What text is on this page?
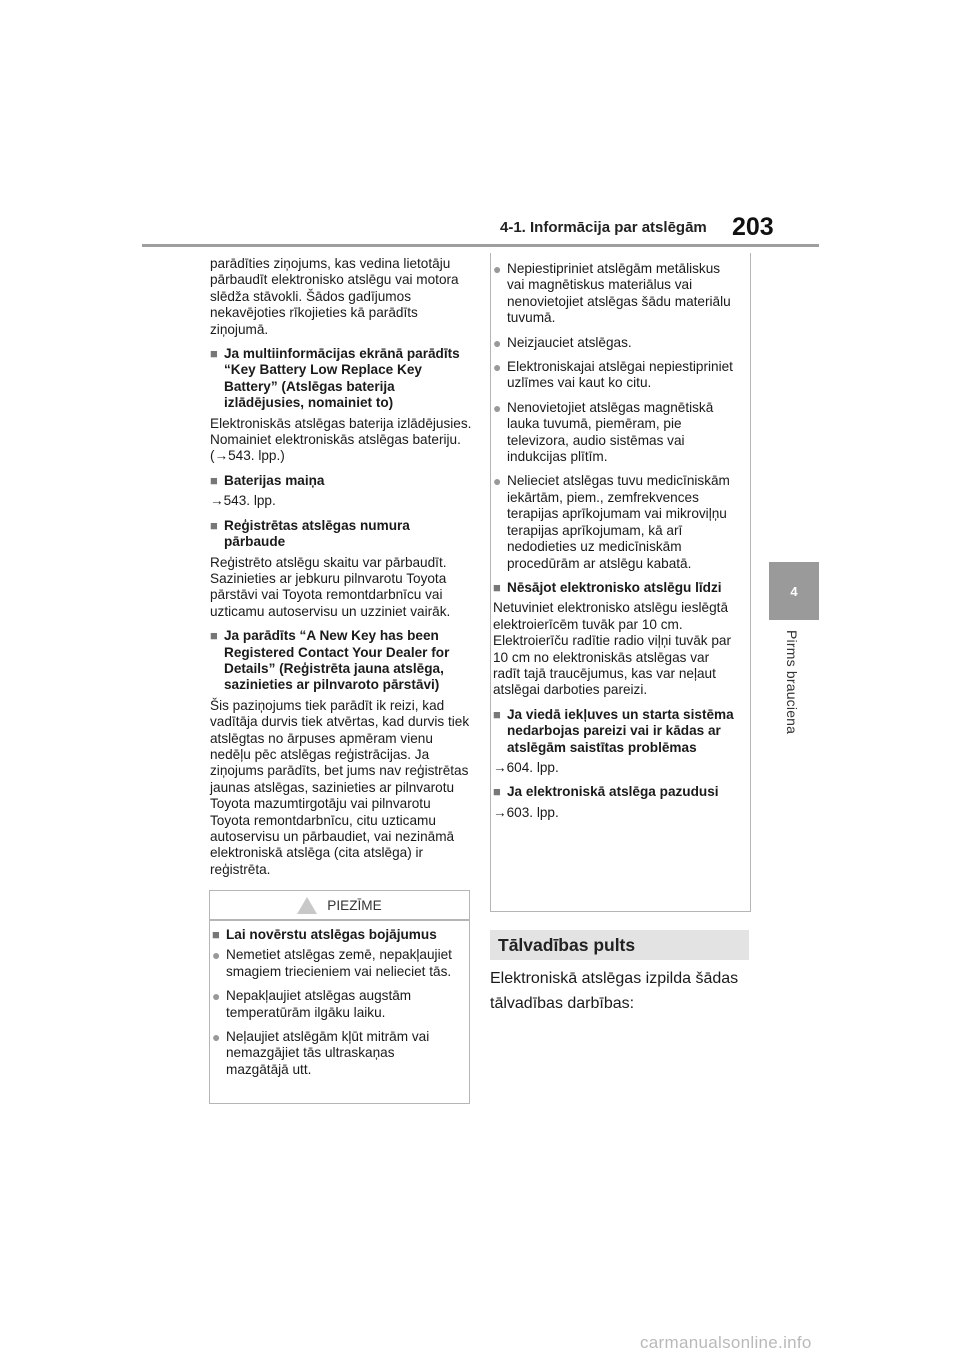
4-1. Informācija par atslēgām 203
4
Pirms brauciena

parādīties ziņojums, kas vedina lietotāju pārbaudīt elektronisko atslēgu vai motora slēdža stāvokli. Šādos gadījumos nekavējoties rīkojieties kā parādīts ziņojumā.

■ Ja multiinformācijas ekrānā parādīts “Key Battery Low Replace Key Battery” (Atslēgas baterija izlādējusies, nomainiet to)

Elektroniskās atslēgas baterija izlādējusies. Nomainiet elektroniskās atslēgas bateriju. (→543. lpp.)

■ Baterijas maiņa

→543. lpp.

■ Reģistrētas atslēgas numura pārbaude

Reģistrēto atslēgu skaitu var pārbaudīt. Sazinieties ar jebkuru pilnvarotu Toyota pārstāvi vai Toyota remontdarbnīcu vai uzticamu autoservisu un uzziniet vairāk.

■ Ja parādīts “A New Key has been Registered Contact Your Dealer for Details” (Reģistrēta jauna atslēga, sazinieties ar pilnvaroto pārstāvi)

Šis paziņojums tiek parādīt ik reizi, kad vadītāja durvis tiek atvērtas, kad durvis tiek atslēgtas no ārpuses apmēram vienu nedēļu pēc atslēgas reģistrācijas. Ja ziņojums parādīts, bet jums nav reģistrētas jaunas atslēgas, sazinieties ar pilnvarotu Toyota mazumtirgotāju vai pilnvarotu Toyota remontdarbnīcu, citu uzticamu autoservisu un pārbaudiet, vai nezināmā elektroniskā atslēga (cita atslēga) ir reģistrēta.

PIEZĪME
■ Lai novērstu atslēgas bojājumus
● Nemetiet atslēgas zemē, nepakļaujiet smagiem triecieniem vai nelieciet tās.
● Nepakļaujiet atslēgas augstām temperatūrām ilgāku laiku.
● Neļaujiet atslēgām kļūt mitrām vai nemazgājiet tās ultraskaņas mazgātājā utt.
● Nepiestipriniet atslēgām metāliskus vai magnētiskus materiālus vai nenovietojiet atslēgas šādu materiālu tuvumā.
● Neizjauciet atslēgas.
● Elektroniskajai atslēgai nepiestipriniet uzlīmes vai kaut ko citu.
● Nenovietojiet atslēgas magnētiskā lauka tuvumā, piemēram, pie televizora, audio sistēmas vai indukcijas plītīm.
● Nelieciet atslēgas tuvu medicīniskām iekārtām, piem., zemfrekvences terapijas aprīkojumam vai mikroviļņu terapijas aprīkojumam, kā arī nedodieties uz medicīniskām procedūrām ar atslēgu kabatā.
■ Nēsājot elektronisko atslēgu līdzi

Netuviniet elektronisko atslēgu ieslēgtā elektroierīcēm tuvāk par 10 cm. Elektroierīču radītie radio viļņi tuvāk par 10 cm no elektroniskās atslēgas var radīt tajā traucējumus, kas var neļaut atslēgai darboties pareizi.

■ Ja viedā iekļuves un starta sistēma nedarbojas pareizi vai ir kādas ar atslēgām saistītas problēmas

→604. lpp.

■ Ja elektroniskā atslēga pazudusi

→603. lpp.

Tālvadības pults
Elektroniskā atslēgas izpilda šādas tālvadības darbības:
carmanualsonline.info
